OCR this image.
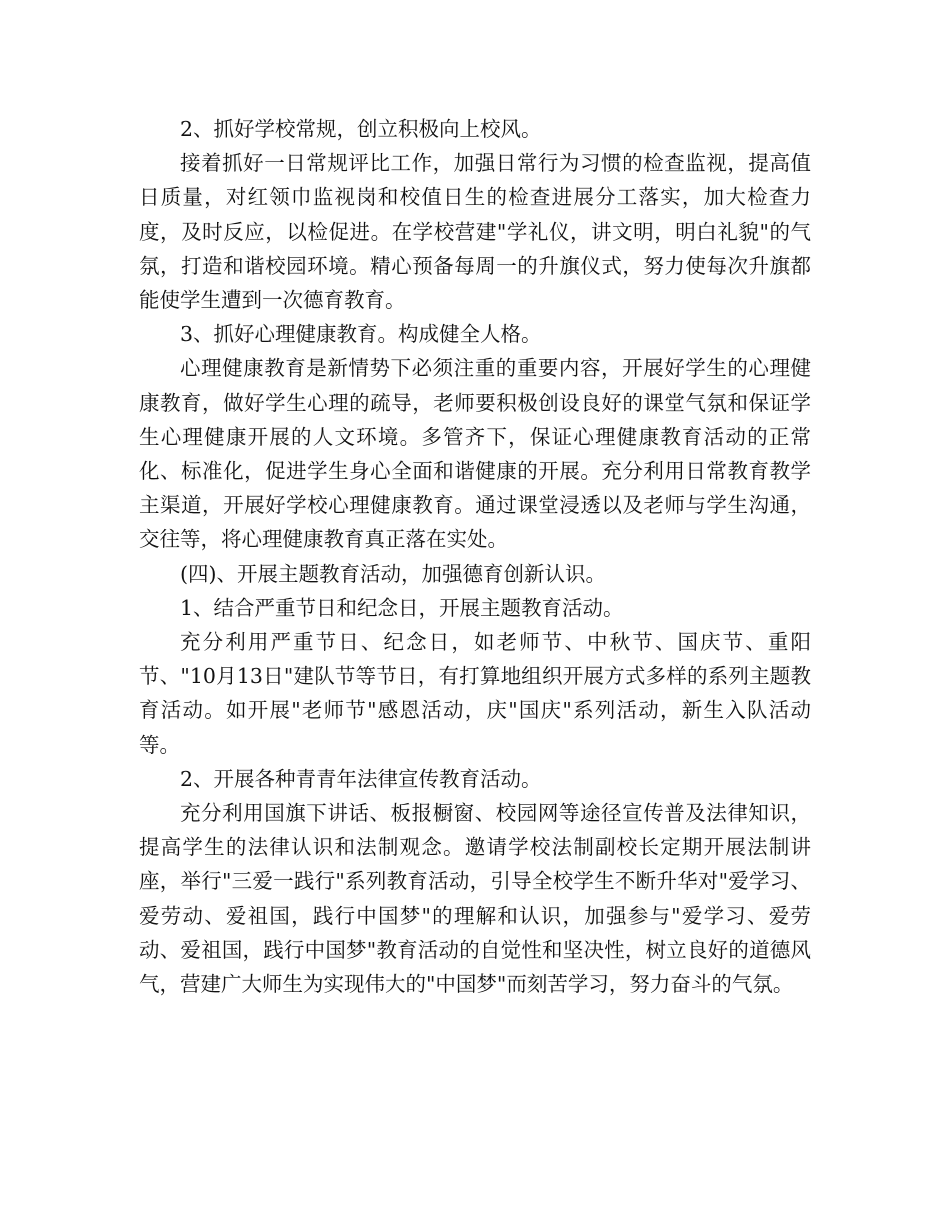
2、抓好学校常规，创立积极向上校风。

接着抓好一日常规评比工作，加强日常行为习惯的检查监视，提高值日质量，对红领巾监视岗和校值日生的检查进展分工落实，加大检查力度，及时反应，以检促进。在学校营建"学礼仪，讲文明，明白礼貌"的气氛，打造和谐校园环境。精心预备每周一的升旗仪式，努力使每次升旗都能使学生遭到一次德育教育。

3、抓好心理健康教育。构成健全人格。

心理健康教育是新情势下必须注重的重要内容，开展好学生的心理健康教育，做好学生心理的疏导，老师要积极创设良好的课堂气氛和保证学生心理健康开展的人文环境。多管齐下，保证心理健康教育活动的正常化、标准化，促进学生身心全面和谐健康的开展。充分利用日常教育教学主渠道，开展好学校心理健康教育。通过课堂浸透以及老师与学生沟通，交往等，将心理健康教育真正落在实处。

(四)、开展主题教育活动，加强德育创新认识。

1、结合严重节日和纪念日，开展主题教育活动。

充分利用严重节日、纪念日，如老师节、中秋节、国庆节、重阳节、"10月13日"建队节等节日，有打算地组织开展方式多样的系列主题教育活动。如开展"老师节"感恩活动，庆"国庆"系列活动，新生入队活动等。

2、开展各种青青年法律宣传教育活动。

充分利用国旗下讲话、板报橱窗、校园网等途径宣传普及法律知识，提高学生的法律认识和法制观念。邀请学校法制副校长定期开展法制讲座，举行"三爱一践行"系列教育活动，引导全校学生不断升华对"爱学习、爱劳动、爱祖国，践行中国梦"的理解和认识，加强参与"爱学习、爱劳动、爱祖国，践行中国梦"教育活动的自觉性和坚决性，树立良好的道德风气，营建广大师生为实现伟大的"中国梦"而刻苦学习，努力奋斗的气氛。
